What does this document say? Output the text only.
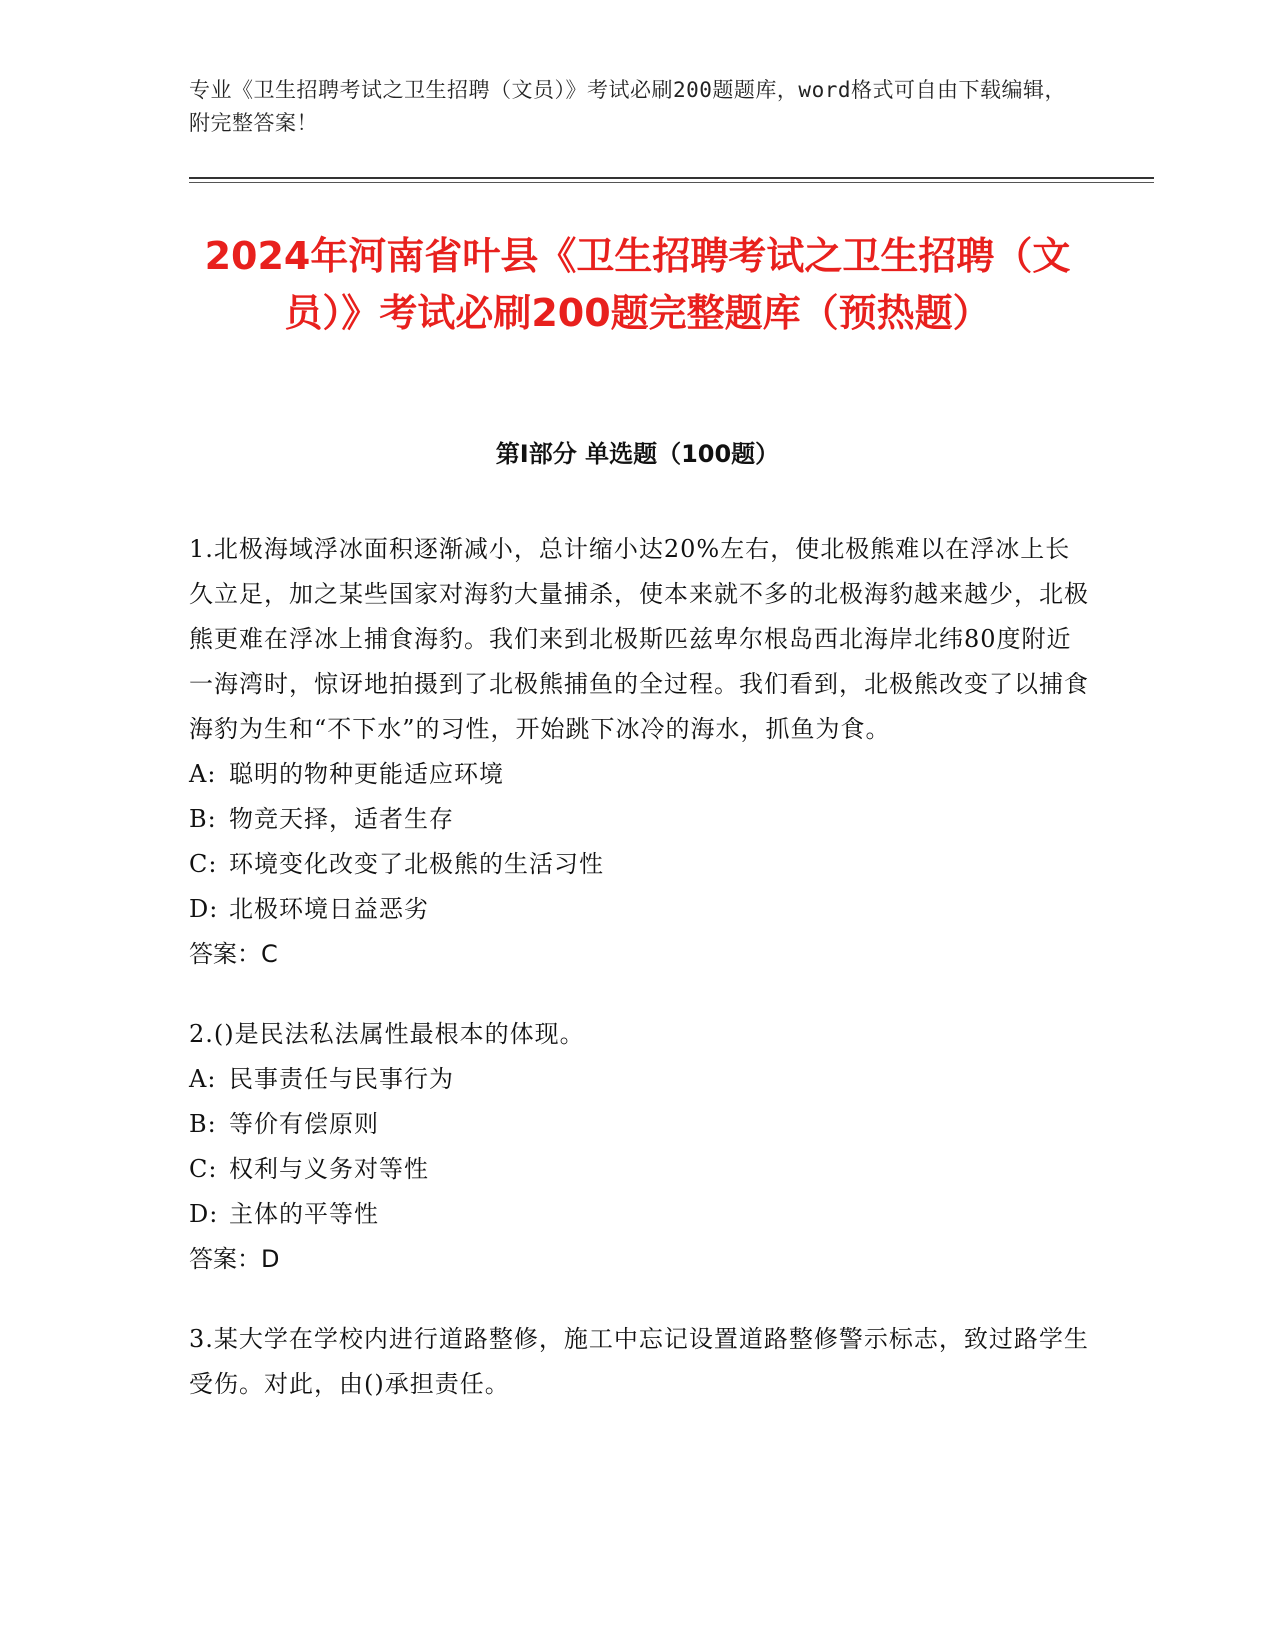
专业《卫生招聘考试之卫生招聘（文员）》考试必刷200题题库，word格式可自由下载编辑，附完整答案！
2024年河南省叶县《卫生招聘考试之卫生招聘（文员）》考试必刷200题完整题库（预热题）
第Ⅰ部分 单选题（100题）
1.北极海域浮冰面积逐渐减小，总计缩小达20%左右，使北极熊难以在浮冰上长久立足，加之某些国家对海豹大量捕杀，使本来就不多的北极海豹越来越少，北极熊更难在浮冰上捕食海豹。我们来到北极斯匹兹卑尔根岛西北海岸北纬80度附近一海湾时，惊讶地拍摄到了北极熊捕鱼的全过程。我们看到，北极熊改变了以捕食海豹为生和“不下水”的习性，开始跳下冰冷的海水，抓鱼为食。
A: 聪明的物种更能适应环境
B: 物竞天择，适者生存
C: 环境变化改变了北极熊的生活习性
D: 北极环境日益恶劣
答案：C
2.()是民法私法属性最根本的体现。
A: 民事责任与民事行为
B: 等价有偿原则
C: 权利与义务对等性
D: 主体的平等性
答案：D
3.某大学在学校内进行道路整修，施工中忘记设置道路整修警示标志，致过路学生受伤。对此，由()承担责任。
